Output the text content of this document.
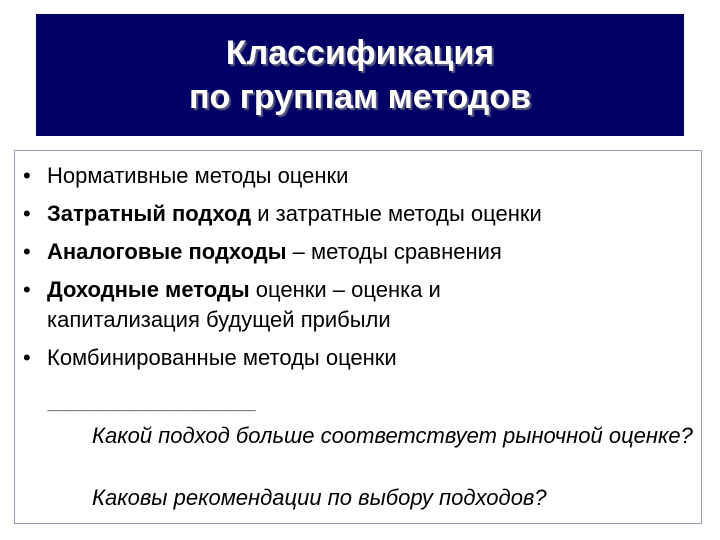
Классификация
по группам методов
• Нормативные методы оценки
• Затратный подход и затратные методы оценки
• Аналоговые подходы – методы сравнения
• Доходные методы оценки – оценка и
капитализация будущей прибыли
• Комбинированные методы оценки
-----------------------------------------------------------------------------------------------------
Какой подход больше соответствует рыночной оценке?
Каковы рекомендации по выбору подходов?
